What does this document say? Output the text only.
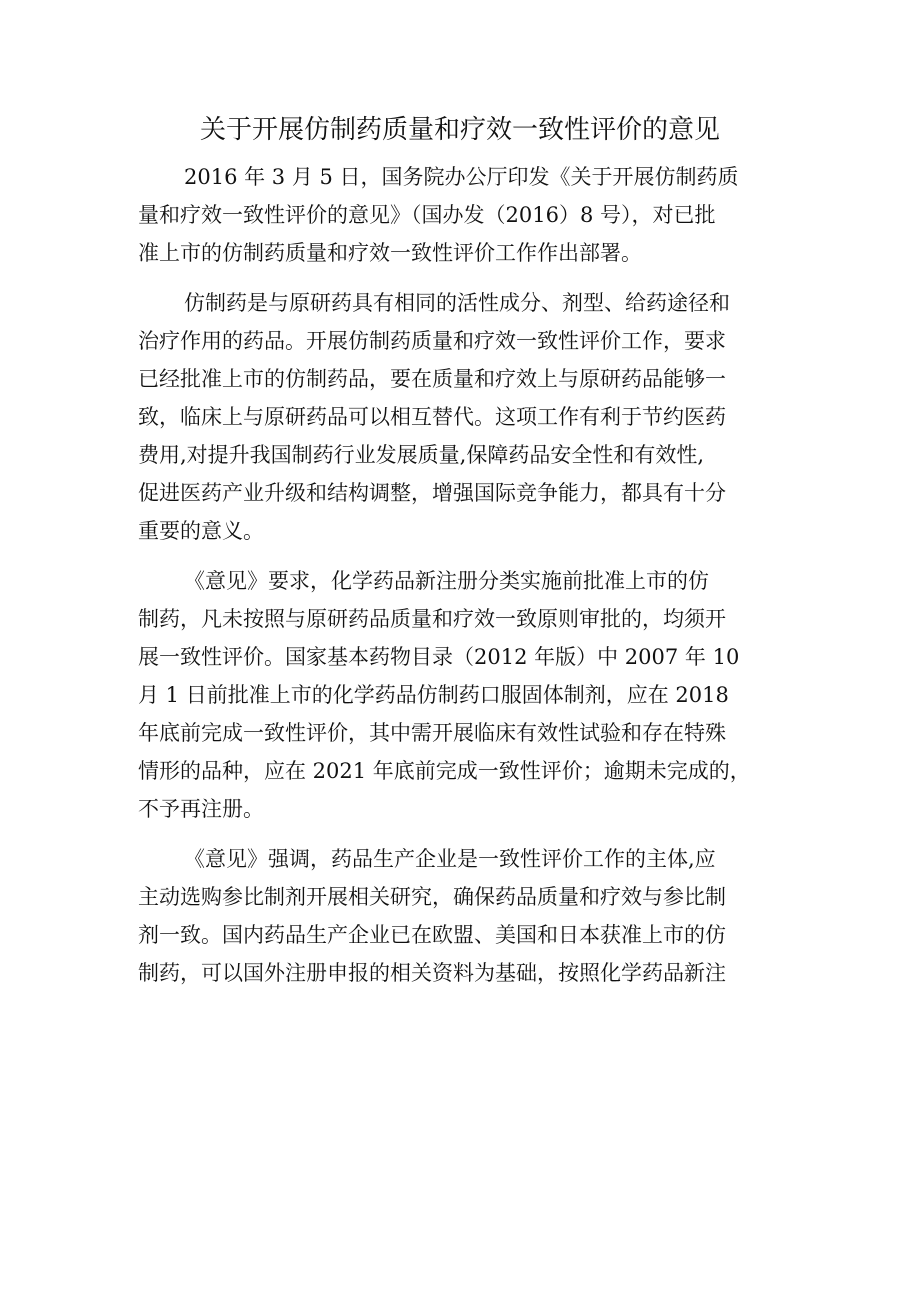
关于开展仿制药质量和疗效一致性评价的意见

2016 年 3 月 5 日，国务院办公厅印发《关于开展仿制药质
量和疗效一致性评价的意见》（国办发（2016）8 号），对已批
准上市的仿制药质量和疗效一致性评价工作作出部署。

仿制药是与原研药具有相同的活性成分、剂型、给药途径和
治疗作用的药品。开展仿制药质量和疗效一致性评价工作，要求
已经批准上市的仿制药品，要在质量和疗效上与原研药品能够一
致，临床上与原研药品可以相互替代。这项工作有利于节约医药
费用,对提升我国制药行业发展质量,保障药品安全性和有效性,
促进医药产业升级和结构调整，增强国际竞争能力，都具有十分
重要的意义。

《意见》要求，化学药品新注册分类实施前批准上市的仿
制药，凡未按照与原研药品质量和疗效一致原则审批的，均须开
展一致性评价。国家基本药物目录（2012 年版）中 2007 年 10
月 1 日前批准上市的化学药品仿制药口服固体制剂，应在 2018
年底前完成一致性评价，其中需开展临床有效性试验和存在特殊
情形的品种，应在 2021 年底前完成一致性评价；逾期未完成的，
不予再注册。

《意见》强调，药品生产企业是一致性评价工作的主体,应
主动选购参比制剂开展相关研究，确保药品质量和疗效与参比制
剂一致。国内药品生产企业已在欧盟、美国和日本获准上市的仿
制药，可以国外注册申报的相关资料为基础，按照化学药品新注
